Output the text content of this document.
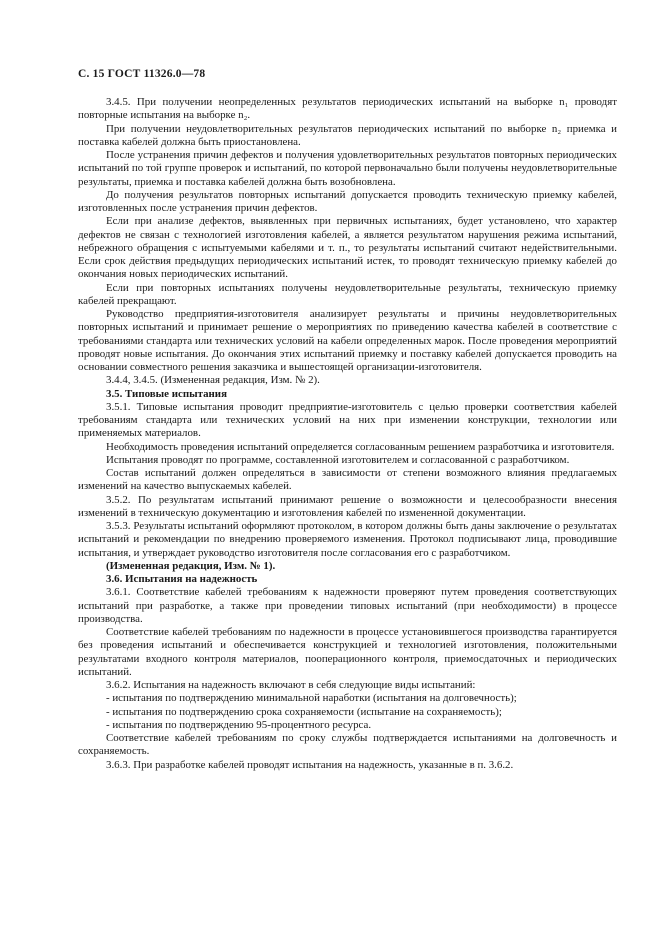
С. 15 ГОСТ 11326.0—78

3.4.5. При получении неопределенных результатов периодических испытаний на выборке n₁ проводят повторные испытания на выборке n₂.

При получении неудовлетворительных результатов периодических испытаний по выборке n₂ приемка и поставка кабелей должна быть приостановлена.

После устранения причин дефектов и получения удовлетворительных результатов повторных периодических испытаний по той группе проверок и испытаний, по которой первоначально были получены неудовлетворительные результаты, приемка и поставка кабелей должна быть возобновлена.

До получения результатов повторных испытаний допускается проводить техническую приемку кабелей, изготовленных после устранения причин дефектов.

Если при анализе дефектов, выявленных при первичных испытаниях, будет установлено, что характер дефектов не связан с технологией изготовления кабелей, а является результатом нарушения режима испытаний, небрежного обращения с испытуемыми кабелями и т. п., то результаты испытаний считают недействительными. Если срок действия предыдущих периодических испытаний истек, то проводят техническую приемку кабелей до окончания новых периодических испытаний.

Если при повторных испытаниях получены неудовлетворительные результаты, техническую приемку кабелей прекращают.

Руководство предприятия-изготовителя анализирует результаты и причины неудовлетворительных повторных испытаний и принимает решение о мероприятиях по приведению качества кабелей в соответствие с требованиями стандарта или технических условий на кабели определенных марок. После проведения мероприятий проводят новые испытания. До окончания этих испытаний приемку и поставку кабелей допускается проводить на основании совместного решения заказчика и вышестоящей организации-изготовителя.

3.4.4, 3.4.5. (Измененная редакция, Изм. № 2).

3.5. Типовые испытания

3.5.1. Типовые испытания проводит предприятие-изготовитель с целью проверки соответствия кабелей требованиям стандарта или технических условий на них при изменении конструкции, технологии или применяемых материалов.

Необходимость проведения испытаний определяется согласованным решением разработчика и изготовителя.

Испытания проводят по программе, составленной изготовителем и согласованной с разработчиком.

Состав испытаний должен определяться в зависимости от степени возможного влияния предлагаемых изменений на качество выпускаемых кабелей.

3.5.2. По результатам испытаний принимают решение о возможности и целесообразности внесения изменений в техническую документацию и изготовления кабелей по измененной документации.

3.5.3. Результаты испытаний оформляют протоколом, в котором должны быть даны заключение о результатах испытаний и рекомендации по внедрению проверяемого изменения. Протокол подписывают лица, проводившие испытания, и утверждает руководство изготовителя после согласования его с разработчиком.

(Измененная редакция, Изм. № 1).

3.6. Испытания на надежность

3.6.1. Соответствие кабелей требованиям к надежности проверяют путем проведения соответствующих испытаний при разработке, а также при проведении типовых испытаний (при необходимости) в процессе производства.

Соответствие кабелей требованиям по надежности в процессе установившегося производства гарантируется без проведения испытаний и обеспечивается конструкцией и технологией изготовления, положительными результатами входного контроля материалов, пооперационного контроля, приемосдаточных и периодических испытаний.

3.6.2. Испытания на надежность включают в себя следующие виды испытаний:

- испытания по подтверждению минимальной наработки (испытания на долговечность);

- испытания по подтверждению срока сохраняемости (испытание на сохраняемость);

- испытания по подтверждению 95-процентного ресурса.

Соответствие кабелей требованиям по сроку службы подтверждается испытаниями на долговечность и сохраняемость.

3.6.3. При разработке кабелей проводят испытания на надежность, указанные в п. 3.6.2.
